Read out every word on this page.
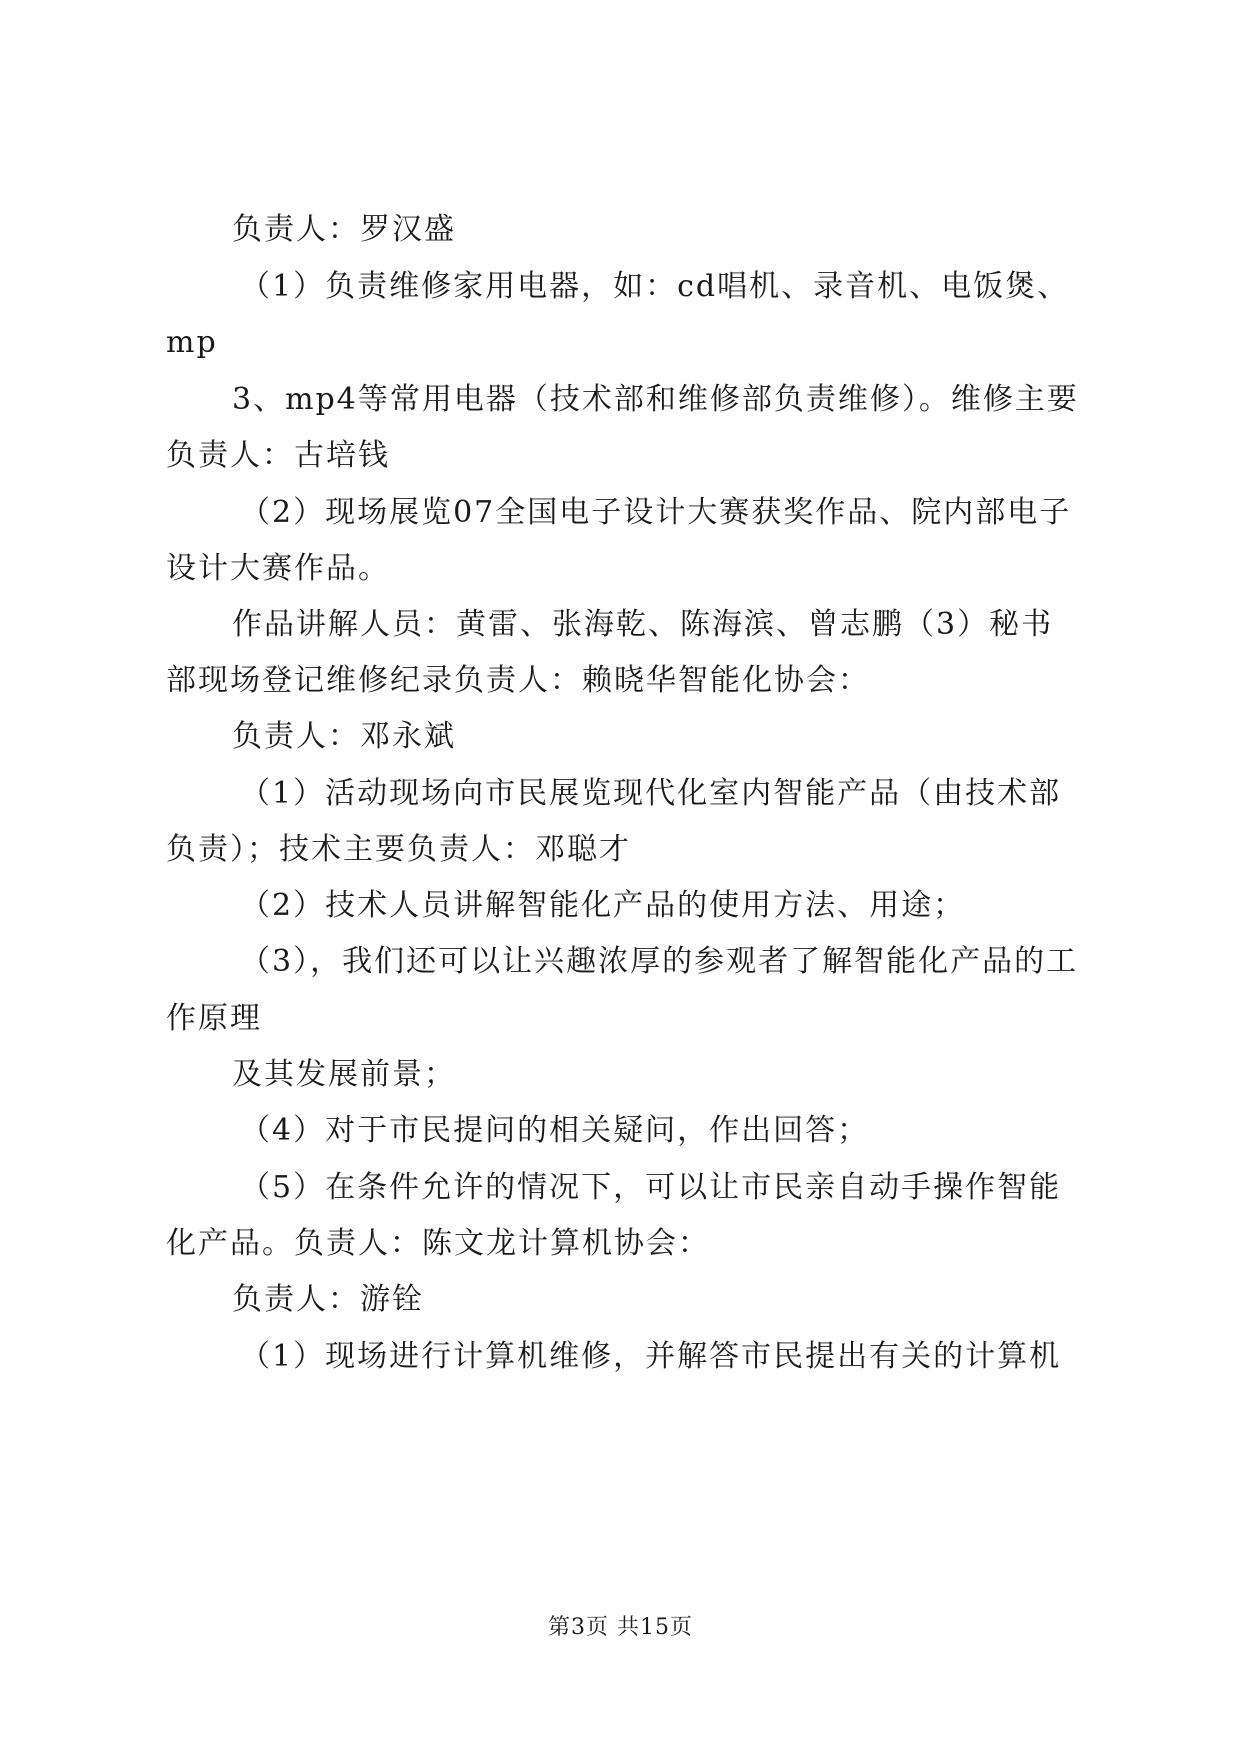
负责人：罗汉盛
（1）负责维修家用电器，如：cd唱机、录音机、电饭煲、
mp
3、mp4等常用电器（技术部和维修部负责维修）。维修主要
负责人：古培钱
（2）现场展览07全国电子设计大赛获奖作品、院内部电子
设计大赛作品。
作品讲解人员：黄雷、张海乾、陈海滨、曾志鹏（3）秘书
部现场登记维修纪录负责人：赖晓华智能化协会：
负责人：邓永斌
（1）活动现场向市民展览现代化室内智能产品（由技术部
负责）；技术主要负责人：邓聪才
（2）技术人员讲解智能化产品的使用方法、用途；
（3），我们还可以让兴趣浓厚的参观者了解智能化产品的工
作原理
及其发展前景；
（4）对于市民提问的相关疑问，作出回答；
（5）在条件允许的情况下，可以让市民亲自动手操作智能
化产品。负责人：陈文龙计算机协会：
负责人：游铨
（1）现场进行计算机维修，并解答市民提出有关的计算机
第3页 共15页
